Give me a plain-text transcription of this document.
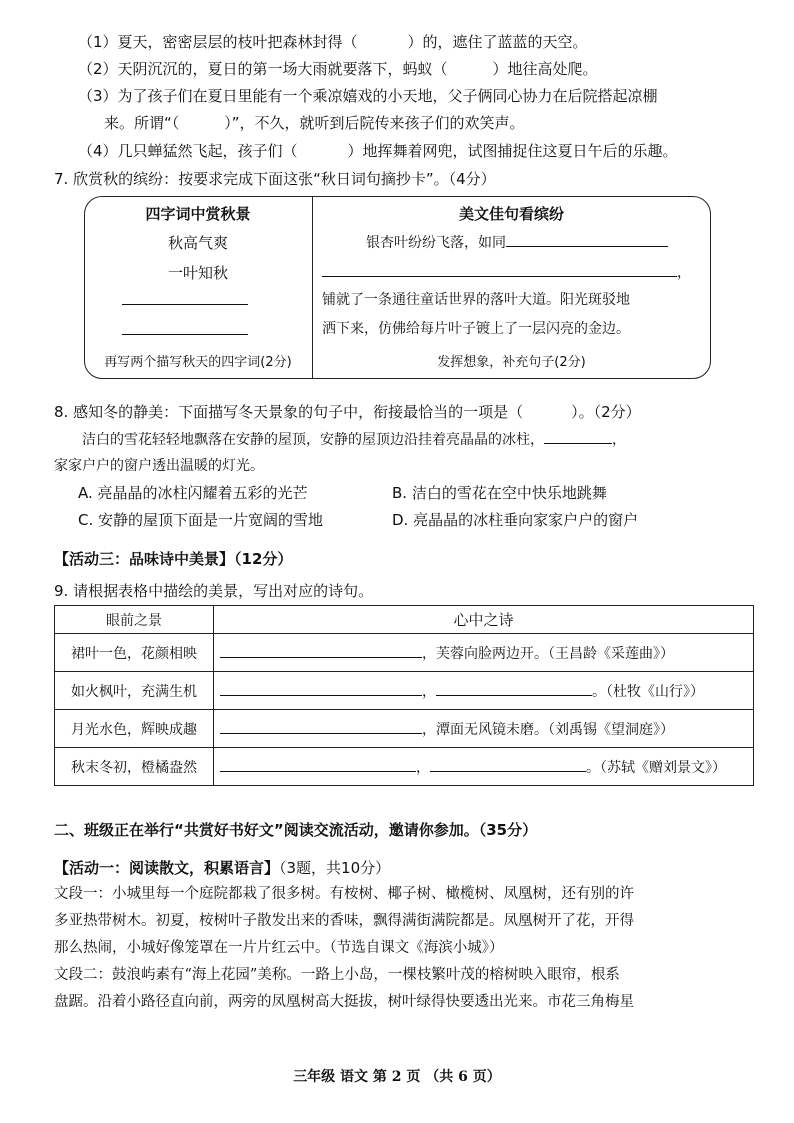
（1）夏天，密密层层的枝叶把森林封得（	）的，遮住了蓝蓝的天空。
（2）天阴沉沉的，夏日的第一场大雨就要落下，蚂蚁（	）地往高处爬。
（3）为了孩子们在夏日里能有一个乘凉嬉戏的小天地，父子俩同心协力在后院搭起凉棚
来。所谓“（	）”，不久，就听到后院传来孩子们的欢笑声。
（4）几只蝉猛然飞起，孩子们（	）地挥舞着网兜，试图捕捉住这夏日午后的乐趣。
7. 欣赏秋的缤纷：按要求完成下面这张“秋日词句摘抄卡”。（4分）
四字词中赏秋景
秋高气爽
一叶知秋
再写两个描写秋天的四字词(2分)
美文佳句看缤纷
银杏叶纷纷飞落，如同
，
铺就了一条通往童话世界的落叶大道。阳光斑驳地
洒下来，仿佛给每片叶子镀上了一层闪亮的金边。
发挥想象，补充句子(2分)
8. 感知冬的静美：下面描写冬天景象的句子中，衔接最恰当的一项是（	）。（2分）
洁白的雪花轻轻地飘落在安静的屋顶，安静的屋顶边沿挂着亮晶晶的冰柱，	，
家家户户的窗户透出温暖的灯光。
A. 亮晶晶的冰柱闪耀着五彩的光芒	B. 洁白的雪花在空中快乐地跳舞
C. 安静的屋顶下面是一片宽阔的雪地	D. 亮晶晶的冰柱垂向家家户户的窗户
【活动三：品味诗中美景】（12分）
9. 请根据表格中描绘的美景，写出对应的诗句。
眼前之景	心中之诗
裙叶一色，花颜相映	，芙蓉向脸两边开。（王昌龄《采莲曲》）
如火枫叶，充满生机	， 。（杜牧《山行》）
月光水色，辉映成趣	，潭面无风镜未磨。（刘禹锡《望洞庭》）
秋末冬初，橙橘盎然	， 。（苏轼《赠刘景文》）
二、班级正在举行“共赏好书好文”阅读交流活动，邀请你参加。（35分）
【活动一：阅读散文，积累语言】（3题，共10分）
文段一：小城里每一个庭院都栽了很多树。有桉树、椰子树、橄榄树、凤凰树，还有别的许
多亚热带树木。初夏，桉树叶子散发出来的香味，飘得满街满院都是。凤凰树开了花，开得
那么热闹，小城好像笼罩在一片片红云中。（节选自课文《海滨小城》）
文段二：鼓浪屿素有“海上花园”美称。一路上小岛，一棵枝繁叶茂的榕树映入眼帘，根系
盘踞。沿着小路径直向前，两旁的凤凰树高大挺拔，树叶绿得快要透出光来。市花三角梅星
三年级 语文 第 2 页 （共 6 页）
